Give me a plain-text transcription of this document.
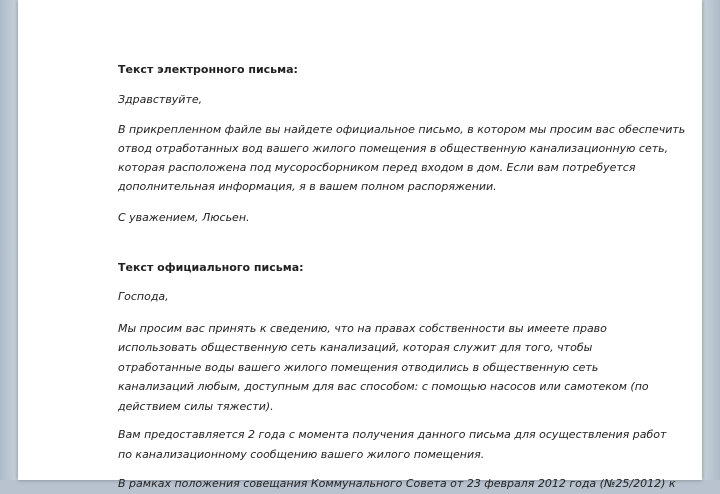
Текст электронного письма:

Здравствуйте,

В прикрепленном файле вы найдете официальное письмо, в котором мы просим вас обеспечить
отвод отработанных вод вашего жилого помещения в общественную канализационную сеть,
которая расположена под мусоросборником перед входом в дом. Если вам потребуется
дополнительная информация, я в вашем полном распоряжении.

С уважением, Люсьен.

Текст официального письма:

Господа,

Мы просим вас принять к сведению, что на правах собственности вы имеете право
использовать общественную сеть канализаций, которая служит для того, чтобы
отработанные воды вашего жилого помещения отводились в общественную сеть
канализаций любым, доступным для вас способом: с помощью насосов или самотеком (по
действием силы тяжести).

Вам предоставляется 2 года с момента получения данного письма для осуществления работ
по канализационному сообщению вашего жилого помещения.

В рамках положения совещания Коммунального Совета от 23 февраля 2012 года (№25/2012) к
